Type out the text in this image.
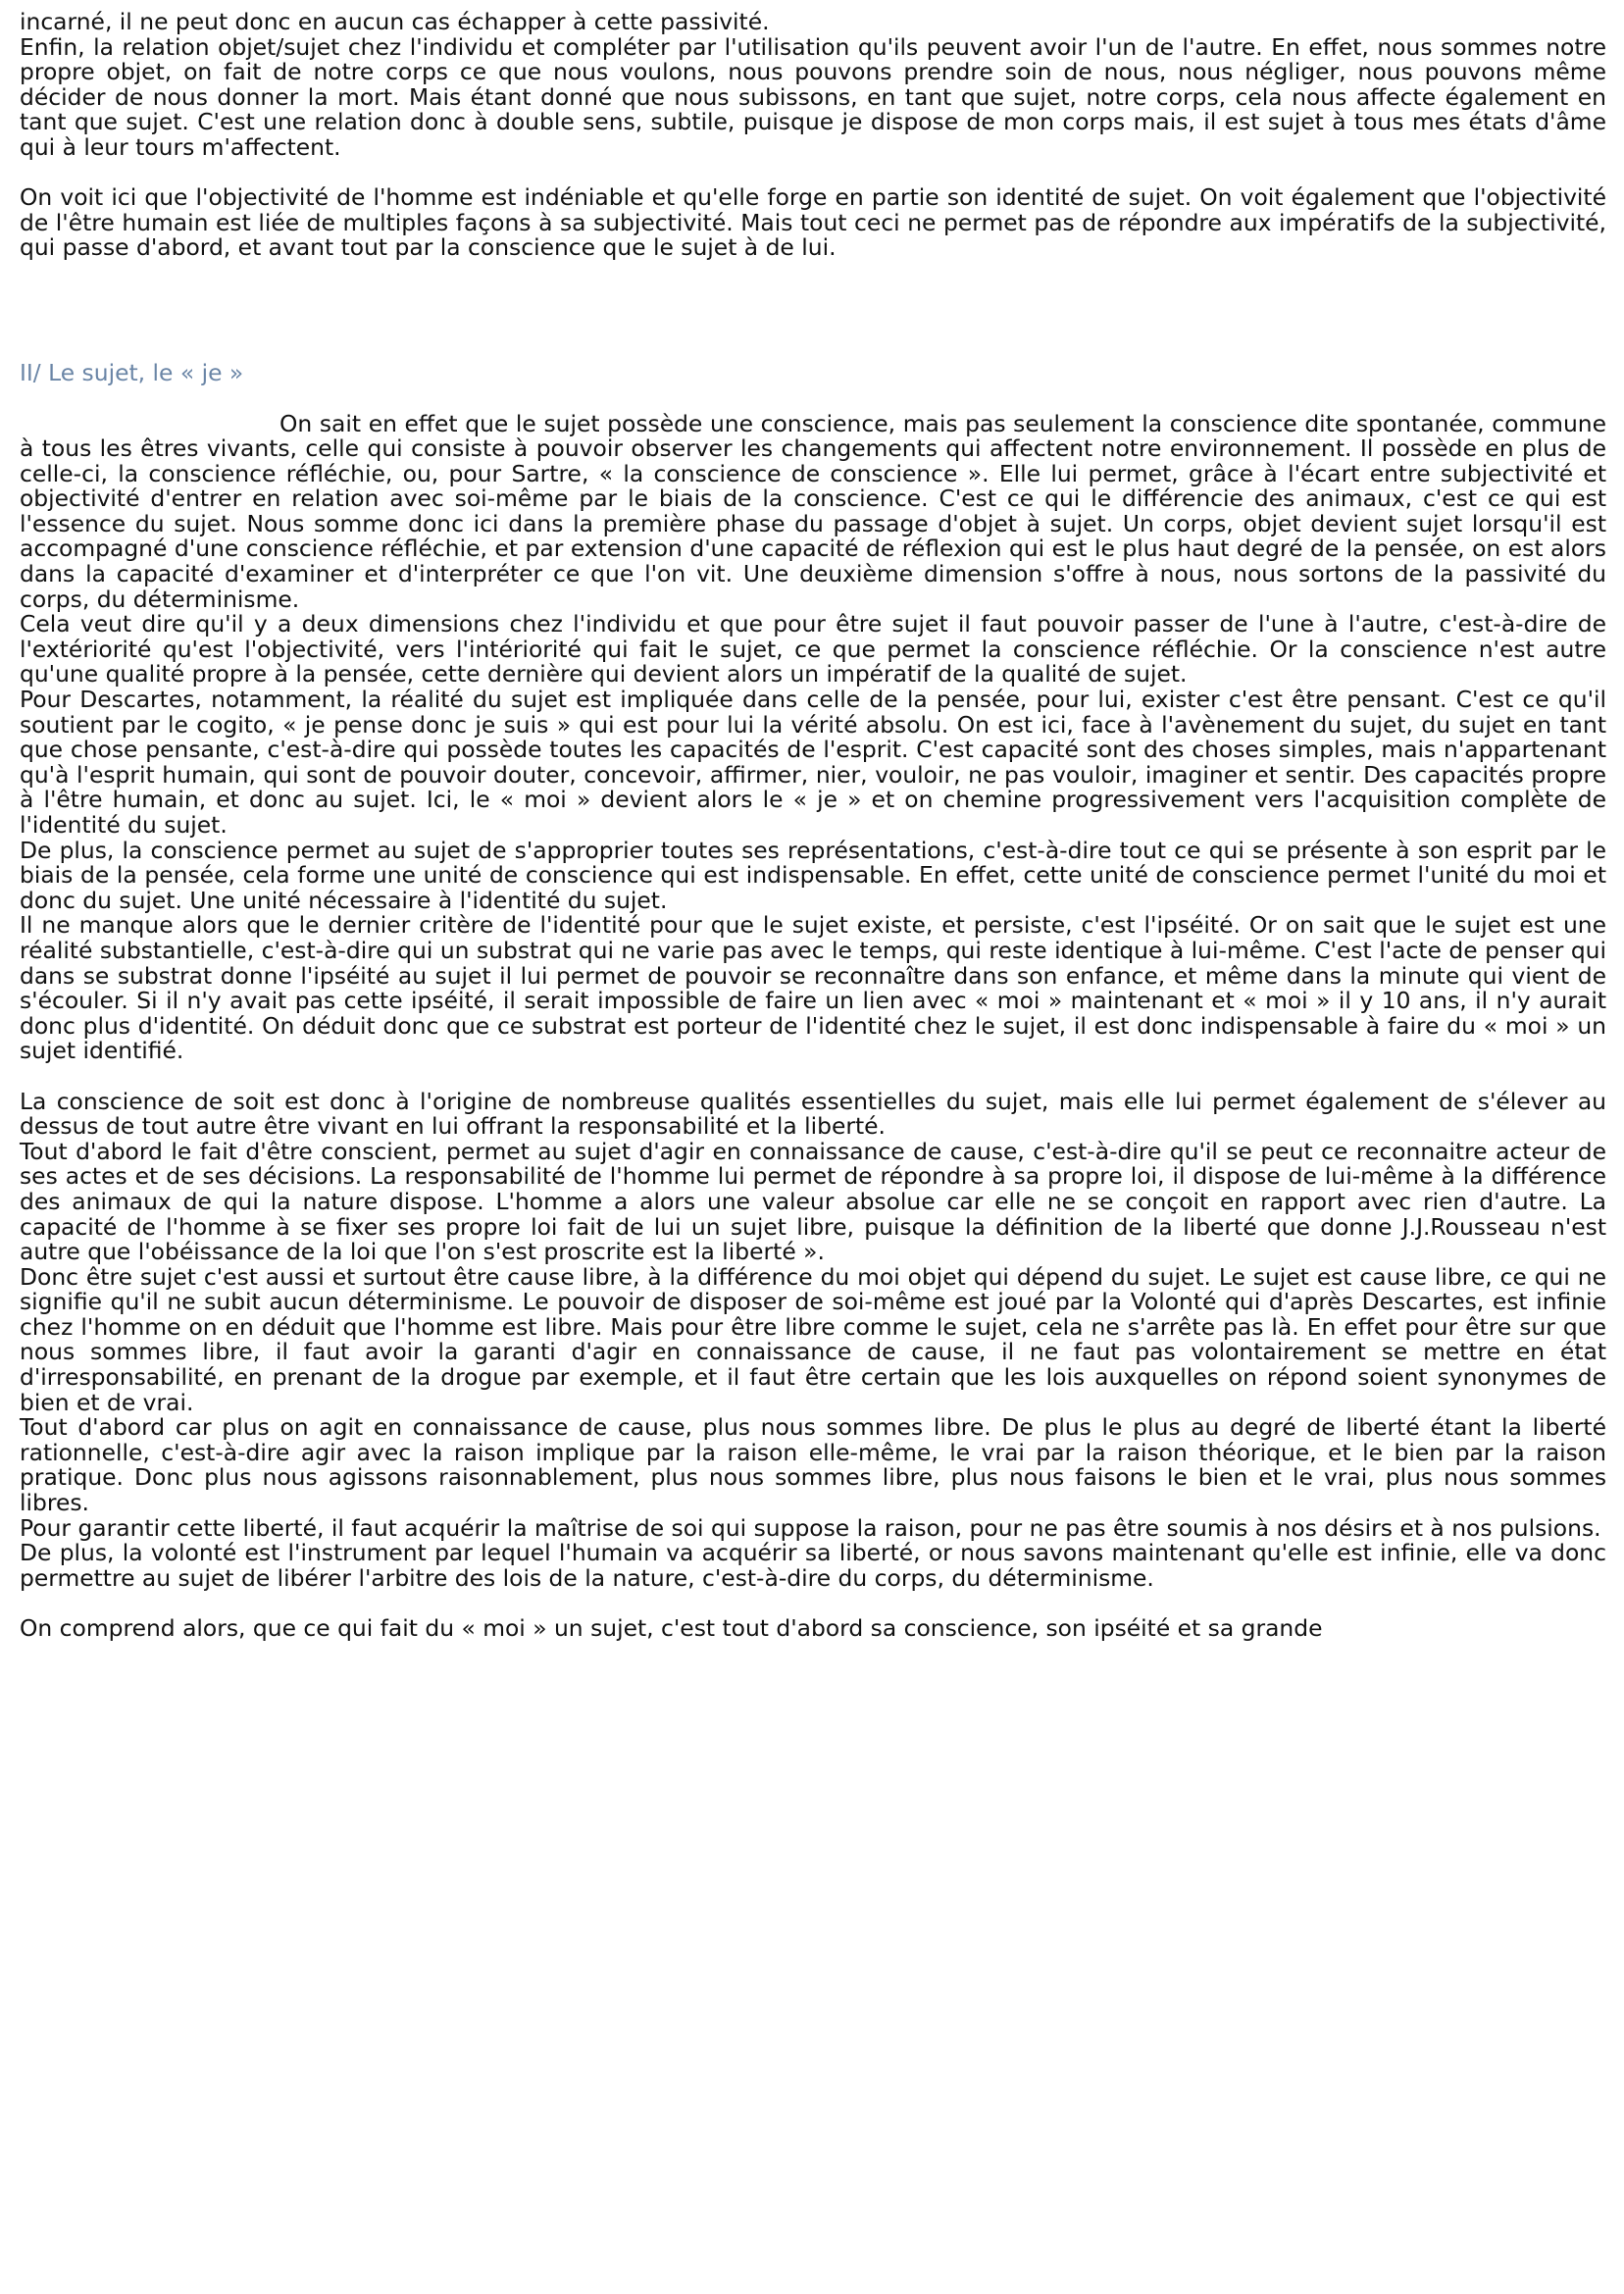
incarné, il ne peut donc en aucun cas échapper à cette passivité.

Enfin, la relation objet/sujet chez l'individu et compléter par l'utilisation qu'ils peuvent avoir l'un de l'autre. En effet, nous sommes notre propre objet, on fait de notre corps ce que nous voulons, nous pouvons prendre soin de nous, nous négliger, nous pouvons même décider de nous donner la mort. Mais étant donné que nous subissons, en tant que sujet, notre corps, cela nous affecte également en tant que sujet. C'est une relation donc à double sens, subtile, puisque je dispose de mon corps mais, il est sujet à tous mes états d'âme qui à leur tours m'affectent.

On voit ici que l'objectivité de l'homme est indéniable et qu'elle forge en partie son identité de sujet. On voit également que l'objectivité de l'être humain est liée de multiples façons à sa subjectivité. Mais tout ceci ne permet pas de répondre aux impératifs de la subjectivité, qui passe d'abord, et avant tout par la conscience que le sujet à de lui.

II/ Le sujet, le « je »

On sait en effet que le sujet possède une conscience, mais pas seulement la conscience dite spontanée, commune à tous les êtres vivants, celle qui consiste à pouvoir observer les changements qui affectent notre environnement. Il possède en plus de celle-ci, la conscience réfléchie, ou, pour Sartre, « la conscience de conscience ». Elle lui permet, grâce à l'écart entre subjectivité et objectivité d'entrer en relation avec soi-même par le biais de la conscience. C'est ce qui le différencie des animaux, c'est ce qui est l'essence du sujet. Nous somme donc ici dans la première phase du passage d'objet à sujet. Un corps, objet devient sujet lorsqu'il est accompagné d'une conscience réfléchie, et par extension d'une capacité de réflexion qui est le plus haut degré de la pensée, on est alors dans la capacité d'examiner et d'interpréter ce que l'on vit. Une deuxième dimension s'offre à nous, nous sortons de la passivité du corps, du déterminisme.

Cela veut dire qu'il y a deux dimensions chez l'individu et que pour être sujet il faut pouvoir passer de l'une à l'autre, c'est-à-dire de l'extériorité qu'est l'objectivité, vers l'intériorité qui fait le sujet, ce que permet la conscience réfléchie. Or la conscience n'est autre qu'une qualité propre à la pensée, cette dernière qui devient alors un impératif de la qualité de sujet.

Pour Descartes, notamment, la réalité du sujet est impliquée dans celle de la pensée, pour lui, exister c'est être pensant. C'est ce qu'il soutient par le cogito, « je pense donc je suis » qui est pour lui la vérité absolu. On est ici, face à l'avènement du sujet, du sujet en tant que chose pensante, c'est-à-dire qui possède toutes les capacités de l'esprit. C'est capacité sont des choses simples, mais n'appartenant qu'à l'esprit humain, qui sont de pouvoir douter, concevoir, affirmer, nier, vouloir, ne pas vouloir, imaginer et sentir. Des capacités propre à l'être humain, et donc au sujet. Ici, le « moi » devient alors le « je » et on chemine progressivement vers l'acquisition complète de l'identité du sujet.

De plus, la conscience permet au sujet de s'approprier toutes ses représentations, c'est-à-dire tout ce qui se présente à son esprit par le biais de la pensée, cela forme une unité de conscience qui est indispensable. En effet, cette unité de conscience permet l'unité du moi et donc du sujet. Une unité nécessaire à l'identité du sujet.

Il ne manque alors que le dernier critère de l'identité pour que le sujet existe, et persiste, c'est l'ipséité. Or on sait que le sujet est une réalité substantielle, c'est-à-dire qui un substrat qui ne varie pas avec le temps, qui reste identique à lui-même. C'est l'acte de penser qui dans se substrat donne l'ipséité au sujet il lui permet de pouvoir se reconnaître dans son enfance, et même dans la minute qui vient de s'écouler. Si il n'y avait pas cette ipséité, il serait impossible de faire un lien avec « moi » maintenant et « moi » il y 10 ans, il n'y aurait donc plus d'identité. On déduit donc que ce substrat est porteur de l'identité chez le sujet, il est donc indispensable à faire du « moi » un sujet identifié.

La conscience de soit est donc à l'origine de nombreuse qualités essentielles du sujet, mais elle lui permet également de s'élever au dessus de tout autre être vivant en lui offrant la responsabilité et la liberté.

Tout d'abord le fait d'être conscient, permet au sujet d'agir en connaissance de cause, c'est-à-dire qu'il se peut ce reconnaitre acteur de ses actes et de ses décisions. La responsabilité de l'homme lui permet de répondre à sa propre loi, il dispose de lui-même à la différence des animaux de qui la nature dispose. L'homme a alors une valeur absolue car elle ne se conçoit en rapport avec rien d'autre. La capacité de l'homme à se fixer ses propre loi fait de lui un sujet libre, puisque la définition de la liberté que donne J.J.Rousseau n'est autre que l'obéissance de la loi que l'on s'est proscrite est la liberté ».

Donc être sujet c'est aussi et surtout être cause libre, à la différence du moi objet qui dépend du sujet. Le sujet est cause libre, ce qui ne signifie qu'il ne subit aucun déterminisme. Le pouvoir de disposer de soi-même est joué par la Volonté qui d'après Descartes, est infinie chez l'homme on en déduit que l'homme est libre. Mais pour être libre comme le sujet, cela ne s'arrête pas là. En effet pour être sur que nous sommes libre, il faut avoir la garanti d'agir en connaissance de cause, il ne faut pas volontairement se mettre en état d'irresponsabilité, en prenant de la drogue par exemple, et il faut être certain que les lois auxquelles on répond soient synonymes de bien et de vrai.

Tout d'abord car plus on agit en connaissance de cause, plus nous sommes libre. De plus le plus au degré de liberté étant la liberté rationnelle, c'est-à-dire agir avec la raison implique par la raison elle-même, le vrai par la raison théorique, et le bien par la raison pratique. Donc plus nous agissons raisonnablement, plus nous sommes libre, plus nous faisons le bien et le vrai, plus nous sommes libres.

Pour garantir cette liberté, il faut acquérir la maîtrise de soi qui suppose la raison, pour ne pas être soumis à nos désirs et à nos pulsions.

De plus, la volonté est l'instrument par lequel l'humain va acquérir sa liberté, or nous savons maintenant qu'elle est infinie, elle va donc permettre au sujet de libérer l'arbitre des lois de la nature, c'est-à-dire du corps, du déterminisme.

On comprend alors, que ce qui fait du « moi » un sujet, c'est tout d'abord sa conscience, son ipséité et sa grande
